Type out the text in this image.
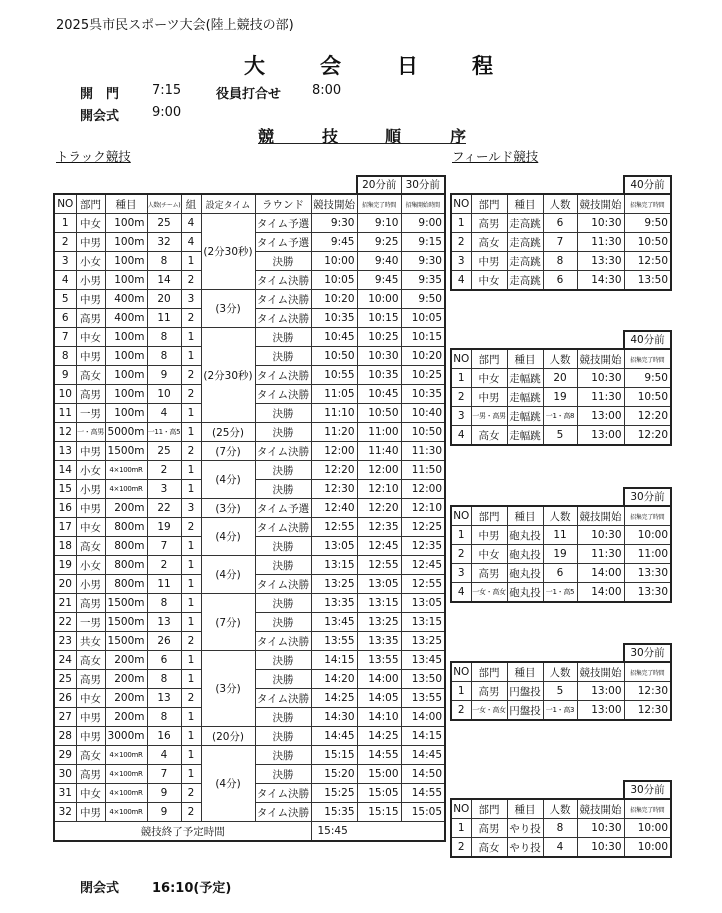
2025呉市民スポーツ大会(陸上競技の部)
大	会	日	程
開　門	7:15	役員打合せ 8:00
開会式	9:00
競	技	順	序
トラック競技	フィールド競技
20分前 30分前
NO	部門	種目	人数(チーム)	組	設定タイム	ラウンド	競技開始	招集完了時間	招集開始時間
1	中女	100m	25	4	(2分30秒)	タイム予選	9:30	9:10	9:00
2	中男	100m	32	4		タイム予選	9:45	9:25	9:15
3	小女	100m	8	1		決勝	10:00	9:40	9:30
4	小男	100m	14	2		タイム決勝	10:05	9:45	9:35
5	中男	400m	20	3	(3分)	タイム決勝	10:20	10:00	9:50
6	高男	400m	11	2		タイム決勝	10:35	10:15	10:05
7	中女	100m	8	1	(2分30秒)	決勝	10:45	10:25	10:15
8	中男	100m	8	1		決勝	10:50	10:30	10:20
9	高女	100m	9	2		タイム決勝	10:55	10:35	10:25
10	高男	100m	10	2		タイム決勝	11:05	10:45	10:35
11	一男	100m	4	1		決勝	11:10	10:50	10:40
12	一・高男	5000m	一11・高5	1	(25分)	決勝	11:20	11:00	10:50
13	中男	1500m	25	2	(7分)	タイム決勝	12:00	11:40	11:30
14	小女	4×100mR	2	1	(4分)	決勝	12:20	12:00	11:50
15	小男	4×100mR	3	1		決勝	12:30	12:10	12:00
16	中男	200m	22	3	(3分)	タイム予選	12:40	12:20	12:10
17	中女	800m	19	2	(4分)	タイム決勝	12:55	12:35	12:25
18	高女	800m	7	1		決勝	13:05	12:45	12:35
19	小女	800m	2	1	(4分)	決勝	13:15	12:55	12:45
20	小男	800m	11	1		タイム決勝	13:25	13:05	12:55
21	高男	1500m	8	1	(7分)	決勝	13:35	13:15	13:05
22	一男	1500m	13	1		決勝	13:45	13:25	13:15
23	共女	1500m	26	2		タイム決勝	13:55	13:35	13:25
24	高女	200m	6	1	(3分)	決勝	14:15	13:55	13:45
25	高男	200m	8	1		決勝	14:20	14:00	13:50
26	中女	200m	13	2		タイム決勝	14:25	14:05	13:55
27	中男	200m	8	1		決勝	14:30	14:10	14:00
28	中男	3000m	16	1	(20分)	決勝	14:45	14:25	14:15
29	高女	4×100mR	4	1	(4分)	決勝	15:15	14:55	14:45
30	高男	4×100mR	7	1		決勝	15:20	15:00	14:50
31	中女	4×100mR	9	2		タイム決勝	15:25	15:05	14:55
32	中男	4×100mR	9	2		タイム決勝	15:35	15:15	15:05
競技終了予定時間							15:45		
40分前
NO	部門	種目	人数	競技開始	招集完了時間
1	高男	走高跳	6	10:30	9:50
2	高女	走高跳	7	11:30	10:50
3	中男	走高跳	8	13:30	12:50
4	中女	走高跳	6	14:30	13:50
40分前
NO	部門	種目	人数	競技開始	招集完了時間
1	中女	走幅跳	20	10:30	9:50
2	中男	走幅跳	19	11:30	10:50
3	一男・高男	走幅跳	一1・高8	13:00	12:20
4	高女	走幅跳	5	13:00	12:20
30分前
NO	部門	種目	人数	競技開始	招集完了時間
1	中男	砲丸投	11	10:30	10:00
2	中女	砲丸投	19	11:30	11:00
3	高男	砲丸投	6	14:00	13:30
4	一女・高女	砲丸投	一1・高5	14:00	13:30
30分前
NO	部門	種目	人数	競技開始	招集完了時間
1	高男	円盤投	5	13:00	12:30
2	一女・高女	円盤投	一1・高3	13:00	12:30
30分前
NO	部門	種目	人数	競技開始	招集完了時間
1	高男	やり投	8	10:30	10:00
2	高女	やり投	4	10:30	10:00
閉会式	16:10(予定)
